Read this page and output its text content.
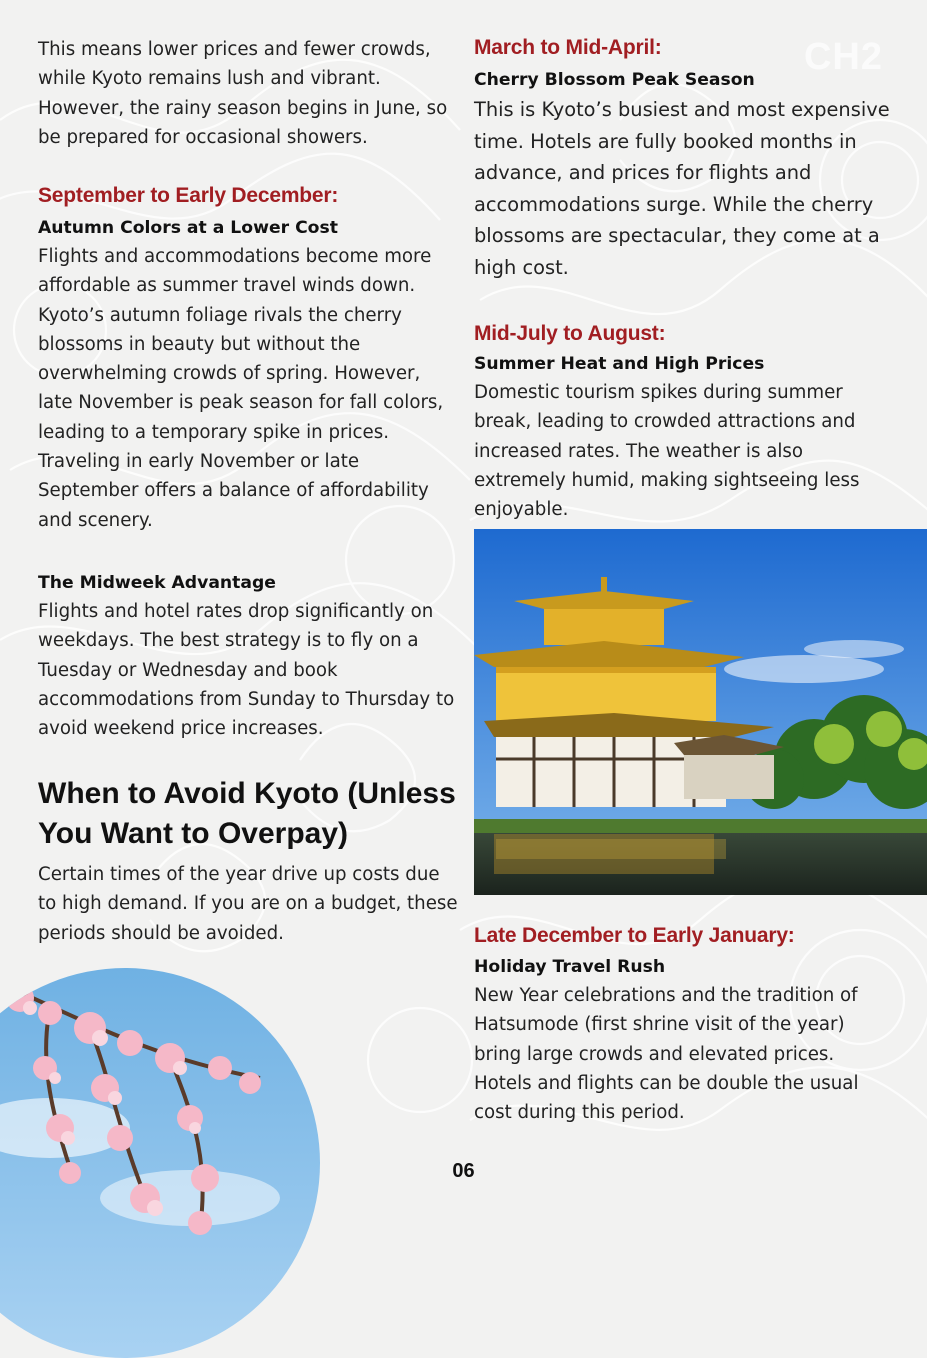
CH2

This means lower prices and fewer crowds, while Kyoto remains lush and vibrant. However, the rainy season begins in June, so be prepared for occasional showers.

September to Early December:
Autumn Colors at a Lower Cost

Flights and accommodations become more affordable as summer travel winds down. Kyoto’s autumn foliage rivals the cherry blossoms in beauty but without the overwhelming crowds of spring. However, late November is peak season for fall colors, leading to a temporary spike in prices. Traveling in early November or late September offers a balance of affordability and scenery.

The Midweek Advantage

Flights and hotel rates drop significantly on weekdays. The best strategy is to fly on a Tuesday or Wednesday and book accommodations from Sunday to Thursday to avoid weekend price increases.

When to Avoid Kyoto (Unless You Want to Overpay)

Certain times of the year drive up costs due to high demand. If you are on a budget, these periods should be avoided.

March to Mid-April:
Cherry Blossom Peak Season

This is Kyoto’s busiest and most expensive time. Hotels are fully booked months in advance, and prices for flights and accommodations surge. While the cherry blossoms are spectacular, they come at a high cost.

Mid-July to August:
Summer Heat and High Prices

Domestic tourism spikes during summer break, leading to crowded attractions and increased rates. The weather is also extremely humid, making sightseeing less enjoyable.

Late December to Early January:
Holiday Travel Rush

New Year celebrations and the tradition of Hatsumode (first shrine visit of the year) bring large crowds and elevated prices. Hotels and flights can be double the usual cost during this period.

06
